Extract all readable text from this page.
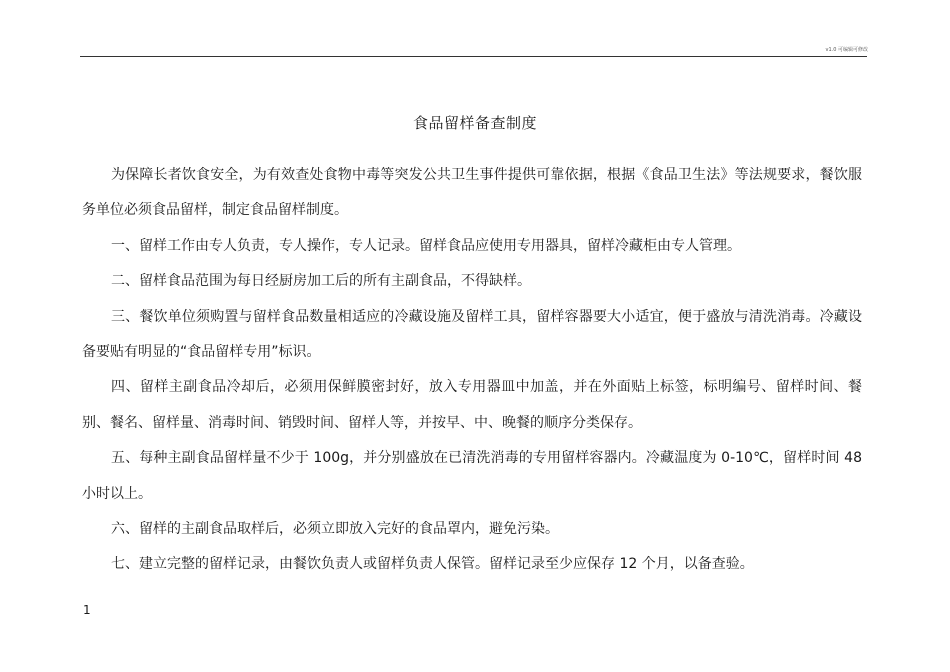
v1.0 可编辑可修改
食品留样备查制度

为保障长者饮食安全，为有效查处食物中毒等突发公共卫生事件提供可靠依据，根据《食品卫生法》等法规要求，餐饮服务单位必须食品留样，制定食品留样制度。

一、留样工作由专人负责，专人操作，专人记录。留样食品应使用专用器具，留样冷藏柜由专人管理。

二、留样食品范围为每日经厨房加工后的所有主副食品，不得缺样。

三、餐饮单位须购置与留样食品数量相适应的冷藏设施及留样工具，留样容器要大小适宜，便于盛放与清洗消毒。冷藏设备要贴有明显的“食品留样专用”标识。

四、留样主副食品冷却后，必须用保鲜膜密封好，放入专用器皿中加盖，并在外面贴上标签，标明编号、留样时间、餐别、餐名、留样量、消毒时间、销毁时间、留样人等，并按早、中、晚餐的顺序分类保存。

五、每种主副食品留样量不少于 100g，并分别盛放在已清洗消毒的专用留样容器内。冷藏温度为 0-10℃，留样时间 48 小时以上。

六、留样的主副食品取样后，必须立即放入完好的食品罩内，避免污染。

七、建立完整的留样记录，由餐饮负责人或留样负责人保管。留样记录至少应保存 12 个月，以备查验。

1
